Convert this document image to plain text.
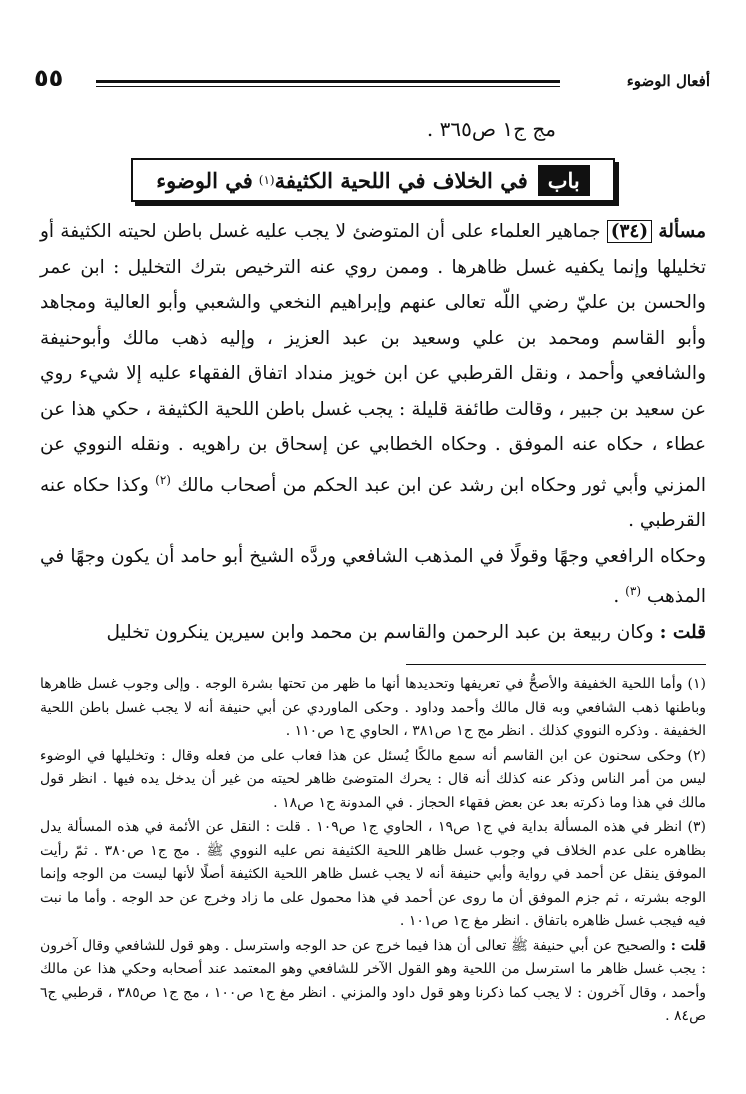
أفعال الوضوء
٥٥
مج ج١ ص٣٦٥ .
باب
في الخلاف في اللحية الكثيفة
(١)
في الوضوء

مسألة (٣٤) جماهير العلماء على أن المتوضئ لا يجب عليه غسل باطن لحيته الكثيفة أو تخليلها وإنما يكفيه غسل ظاهرها . وممن روي عنه الترخيص بترك التخليل : ابن عمر والحسن بن عليّ رضي اللّه تعالى عنهم وإبراهيم النخعي والشعبي وأبو العالية ومجاهد وأبو القاسم ومحمد بن علي وسعيد بن عبد العزيز ، وإليه ذهب مالك وأبوحنيفة والشافعي وأحمد ، ونقل القرطبي عن ابن خويز منداد اتفاق الفقهاء عليه إلا شيء روي عن سعيد بن جبير ، وقالت طائفة قليلة : يجب غسل باطن اللحية الكثيفة ، حكي هذا عن عطاء ، حكاه عنه الموفق . وحكاه الخطابي عن إسحاق بن راهويه . ونقله النووي عن المزني وأبي ثور وحكاه ابن رشد عن ابن عبد الحكم من أصحاب مالك $^{(٢)}$ وكذا حكاه عنه القرطبي .

وحكاه الرافعي وجهًا وقولًا في المذهب الشافعي وردَّه الشيخ أبو حامد أن يكون وجهًا في المذهب $^{(٣)}$ .

قلت : وكان ربيعة بن عبد الرحمن والقاسم بن محمد وابن سيرين ينكرون تخليل

(١) وأما اللحية الخفيفة والأصحُّ في تعريفها وتحديدها أنها ما ظهر من تحتها بشرة الوجه . وإلى وجوب غسل ظاهرها وباطنها ذهب الشافعي وبه قال مالك وأحمد وداود . وحكى الماوردي عن أبي حنيفة أنه لا يجب غسل باطن اللحية الخفيفة . وذكره النووي كذلك . انظر مج ج١ ص٣٨١ ، الحاوي ج١ ص١١٠ .

(٢) وحكى سحنون عن ابن القاسم أنه سمع مالكًا يُسئل عن هذا فعاب على من فعله وقال : وتخليلها في الوضوء ليس من أمر الناس وذكر عنه كذلك أنه قال : يحرك المتوضئ ظاهر لحيته من غير أن يدخل يده فيها . انظر قول مالك في هذا وما ذكرته بعد عن بعض فقهاء الحجاز . في المدونة ج١ ص١٨ .

(٣) انظر في هذه المسألة بداية في ج١ ص١٩ ، الحاوي ج١ ص١٠٩ . قلت : النقل عن الأئمة في هذه المسألة يدل بظاهره على عدم الخلاف في وجوب غسل ظاهر اللحية الكثيفة نص عليه النووي ﷺ . مج ج١ ص٣٨٠ . ثمّ رأيت الموفق ينقل عن أحمد في رواية وأبي حنيفة أنه لا يجب غسل ظاهر اللحية الكثيفة أصلًا لأنها ليست من الوجه وإنما الوجه بشرته ، ثم جزم الموفق أن ما روى عن أحمد في هذا محمول على ما زاد وخرج عن حد الوجه . وأما ما نبت فيه فيجب غسل ظاهره باتفاق . انظر مغ ج١ ص١٠١ .

قلت : والصحيح عن أبي حنيفة ﷺ تعالى أن هذا فيما خرج عن حد الوجه واسترسل . وهو قول للشافعي وقال آخرون : يجب غسل ظاهر ما استرسل من اللحية وهو القول الآخر للشافعي وهو المعتمد عند أصحابه وحكي هذا عن مالك وأحمد ، وقال آخرون : لا يجب كما ذكرنا وهو قول داود والمزني . انظر مغ ج١ ص١٠٠ ، مج ج١ ص٣٨٥ ، قرطبي ج٦ ص٨٤ .
